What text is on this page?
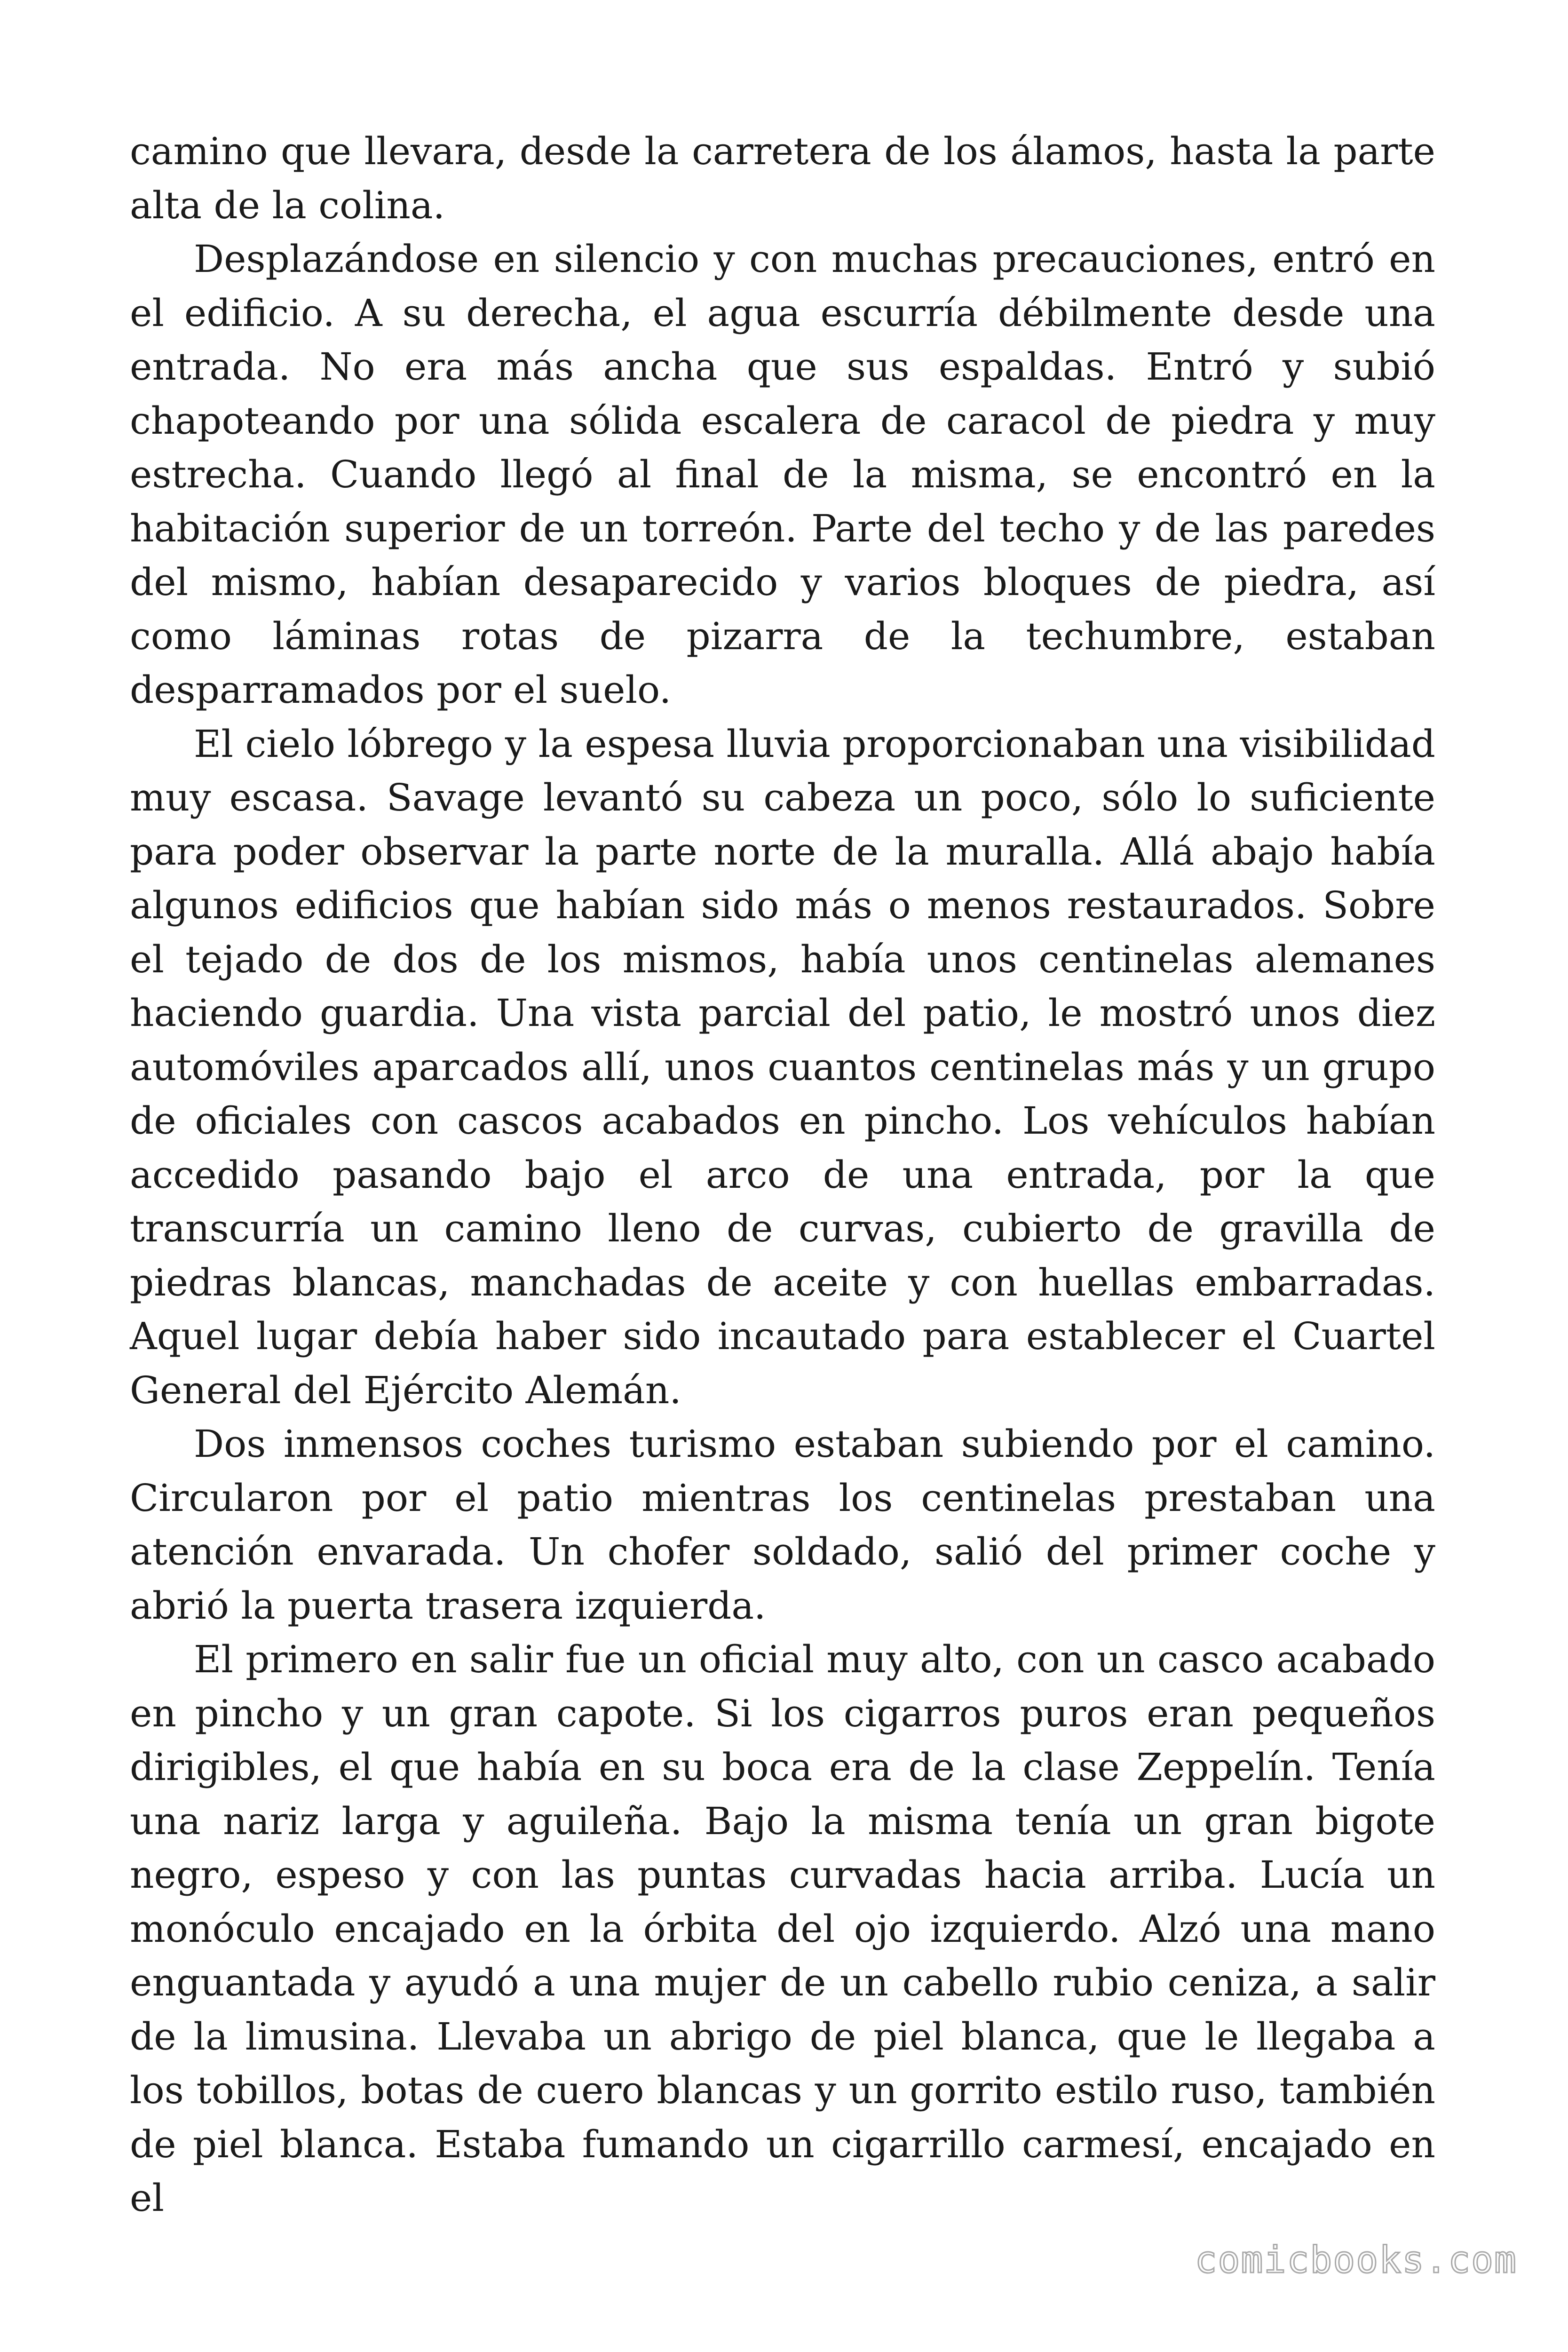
camino que llevara, desde la carretera de los álamos, hasta la parte alta de la colina.

Desplazándose en silencio y con muchas precauciones, entró en el edificio. A su derecha, el agua escurría débilmente desde una entrada. No era más ancha que sus espaldas. Entró y subió chapoteando por una sólida escalera de caracol de piedra y muy estrecha. Cuando llegó al final de la misma, se encontró en la habitación superior de un torreón. Parte del techo y de las paredes del mismo, habían desaparecido y varios bloques de piedra, así como láminas rotas de pizarra de la techumbre, estaban desparramados por el suelo.

El cielo lóbrego y la espesa lluvia proporcionaban una visibilidad muy escasa. Savage levantó su cabeza un poco, sólo lo suficiente para poder observar la parte norte de la muralla. Allá abajo había algunos edificios que habían sido más o menos restaurados. Sobre el tejado de dos de los mismos, había unos centinelas alemanes haciendo guardia. Una vista parcial del patio, le mostró unos diez automóviles aparcados allí, unos cuantos centinelas más y un grupo de oficiales con cascos acabados en pincho. Los vehículos habían accedido pasando bajo el arco de una entrada, por la que transcurría un camino lleno de curvas, cubierto de gravilla de piedras blancas, manchadas de aceite y con huellas embarradas. Aquel lugar debía haber sido incautado para establecer el Cuartel General del Ejército Alemán.

Dos inmensos coches turismo estaban subiendo por el camino. Circularon por el patio mientras los centinelas prestaban una atención envarada. Un chofer soldado, salió del primer coche y abrió la puerta trasera izquierda.

El primero en salir fue un oficial muy alto, con un casco acabado en pincho y un gran capote. Si los cigarros puros eran pequeños dirigibles, el que había en su boca era de la clase Zeppelín. Tenía una nariz larga y aguileña. Bajo la misma tenía un gran bigote negro, espeso y con las puntas curvadas hacia arriba. Lucía un monóculo encajado en la órbita del ojo izquierdo. Alzó una mano enguantada y ayudó a una mujer de un cabello rubio ceniza, a salir de la limusina. Llevaba un abrigo de piel blanca, que le llegaba a los tobillos, botas de cuero blancas y un gorrito estilo ruso, también de piel blanca. Estaba fumando un cigarrillo carmesí, encajado en el

comicbooks.com
